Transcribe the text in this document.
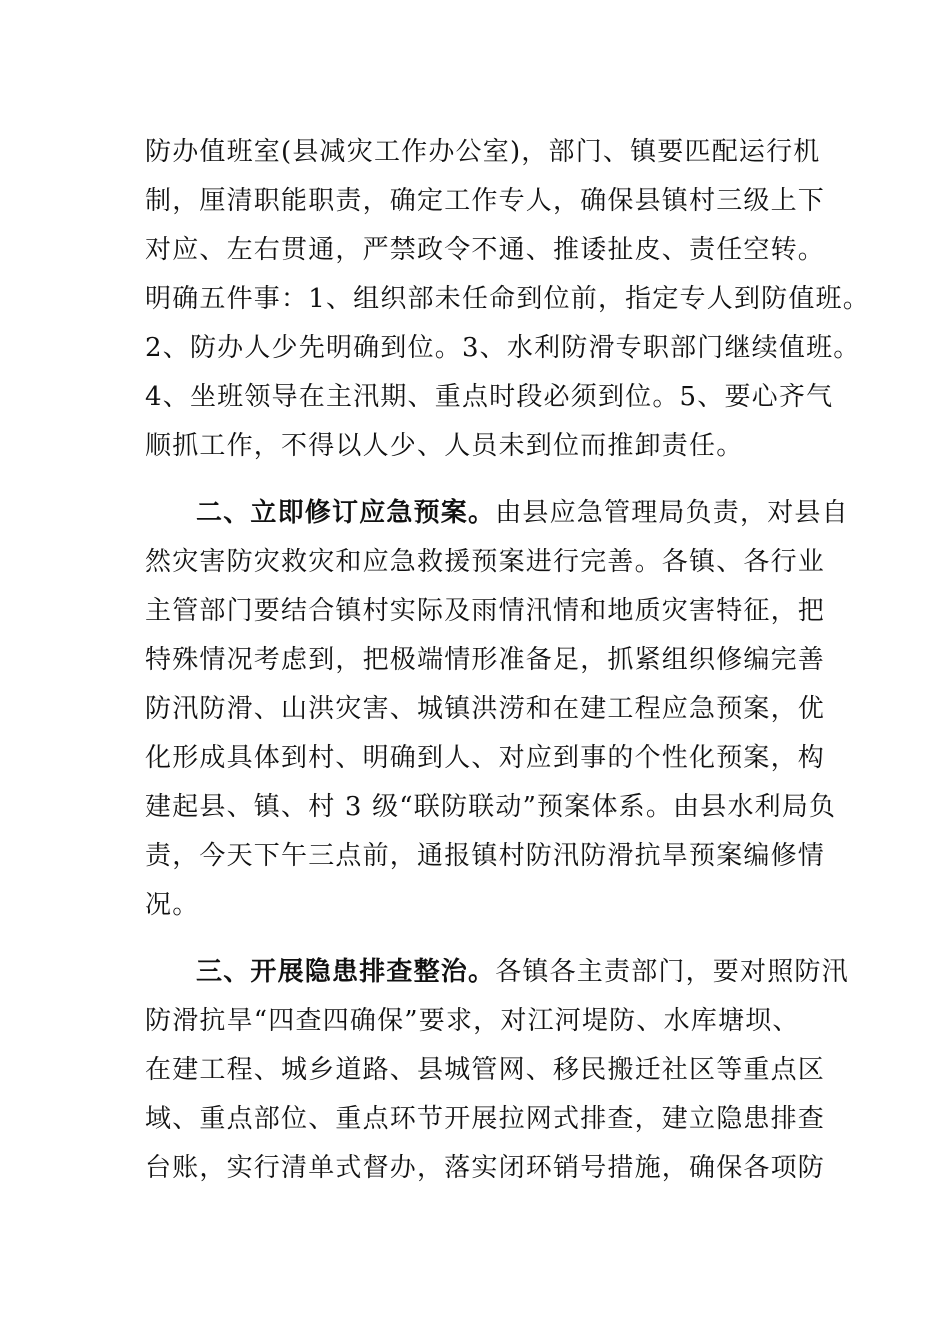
防办值班室(县减灾工作办公室)，部门、镇要匹配运行机
制，厘清职能职责，确定工作专人，确保县镇村三级上下
对应、左右贯通，严禁政令不通、推诿扯皮、责任空转。
明确五件事：1、组织部未任命到位前，指定专人到防值班。
2、防办人少先明确到位。3、水利防滑专职部门继续值班。
4、坐班领导在主汛期、重点时段必须到位。5、要心齐气
顺抓工作，不得以人少、人员未到位而推卸责任。
二、立即修订应急预案。由县应急管理局负责，对县自
然灾害防灾救灾和应急救援预案进行完善。各镇、各行业
主管部门要结合镇村实际及雨情汛情和地质灾害特征，把
特殊情况考虑到，把极端情形准备足，抓紧组织修编完善
防汛防滑、山洪灾害、城镇洪涝和在建工程应急预案，优
化形成具体到村、明确到人、对应到事的个性化预案，构
建起县、镇、村 3 级“联防联动”预案体系。由县水利局负
责，今天下午三点前，通报镇村防汛防滑抗旱预案编修情
况。
三、开展隐患排查整治。各镇各主责部门，要对照防汛
防滑抗旱“四查四确保”要求，对江河堤防、水库塘坝、
在建工程、城乡道路、县城管网、移民搬迁社区等重点区
域、重点部位、重点环节开展拉网式排查，建立隐患排查
台账，实行清单式督办，落实闭环销号措施，确保各项防
